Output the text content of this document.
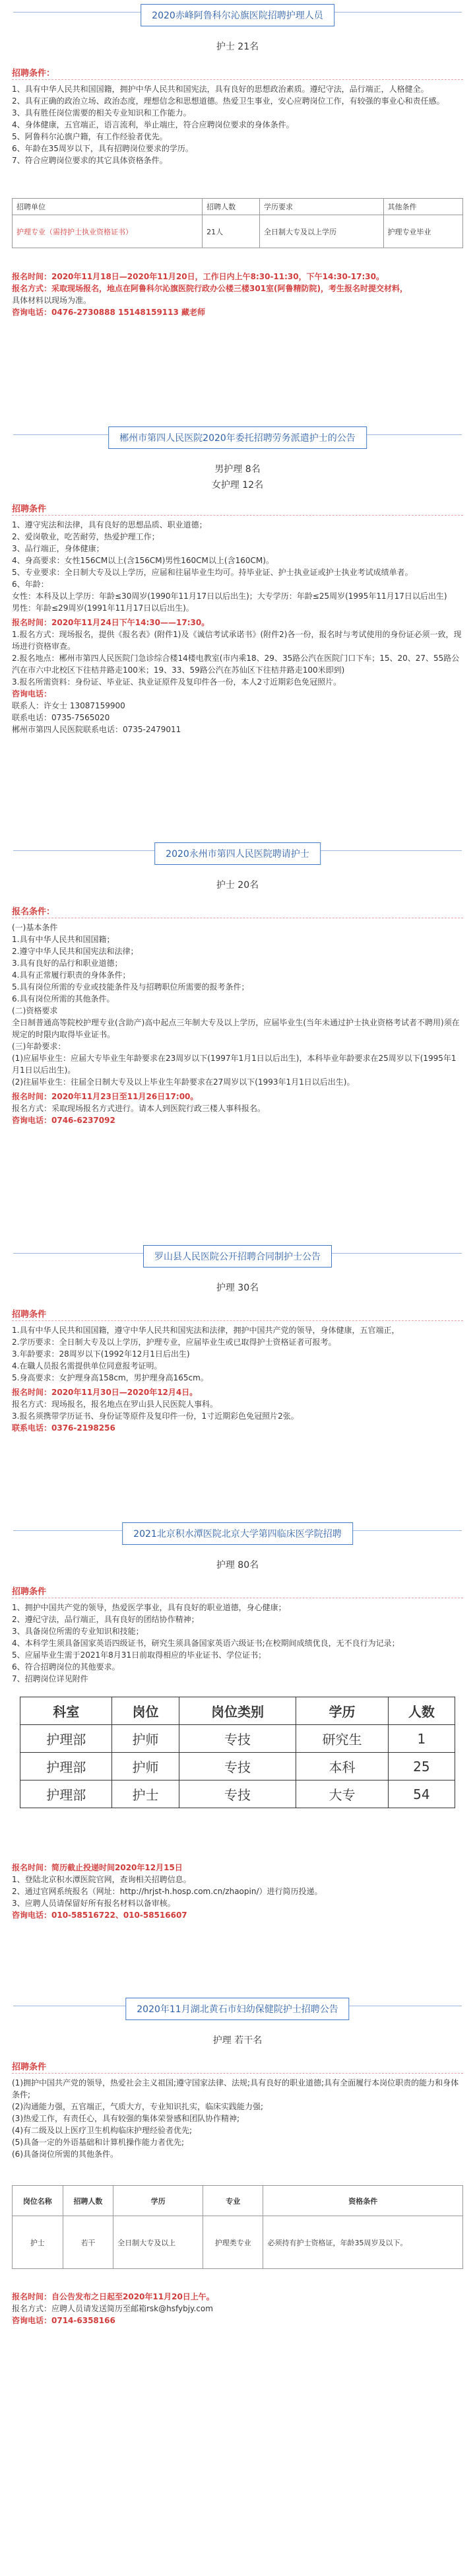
2020赤峰阿鲁科尔沁旗医院招聘护理人员
护士 21名
招聘条件：
1、具有中华人民共和国国籍，拥护中华人民共和国宪法，具有良好的思想政治素质。遵纪守法，品行端正，人格健全。
2、具有正确的政治立场、政治态度，理想信念和思想道德。热爱卫生事业，安心应聘岗位工作，有较强的事业心和责任感。
3、具有胜任岗位需要的相关专业知识和工作能力。
4、身体健康，五官端正，语言流利，举止端庄，符合应聘岗位要求的身体条件。
5、阿鲁科尔沁旗户籍，有工作经验者优先。
6、年龄在35周岁以下，具有招聘岗位要求的学历。
7、符合应聘岗位要求的其它具体资格条件。
招聘单位	招聘人数	学历要求	其他条件
护理专业（需持护士执业资格证书）	21人	全日制大专及以上学历	护理专业毕业
报名时间：2020年11月18日—2020年11月20日，工作日内上午8:30-11:30，下午14:30-17:30。
报名方式：采取现场报名，地点在阿鲁科尔沁旗医院行政办公楼三楼301室(阿鲁精防院)，考生报名时提交材料，
具体材料以现场为准。
咨询电话：0476-2730888 15148159113 藏老师
郴州市第四人民医院2020年委托招聘劳务派遣护士的公告
男护理 8名
女护理 12名
招聘条件
1、遵守宪法和法律，具有良好的思想品质、职业道德；
2、爱岗敬业，吃苦耐劳，热爱护理工作；
3、品行端正，身体健康；
4、身高要求：女性156CM以上(含156CM)男性160CM以上(含160CM)。
5、专业要求：全日制大专及以上学历，应届和往届毕业生均可。持毕业证、护士执业证或护士执业考试成绩单者。
6、年龄：
女性：本科及以上学历：年龄≤30周岁(1990年11月17日以后出生)；大专学历：年龄≤25周岁(1995年11月17日以后出生)
男性：年龄≤29周岁(1991年11月17日以后出生)。
报名时间：2020年11月24日下午14:30——17:30。
1.报名方式：现场报名，提供《报名表》(附件1)及《诚信考试承诺书》(附件2)各一份，报名时与考试使用的身份证必须一致，现场进行资格审查。
2.报名地点：郴州市第四人民医院门急诊综合楼14楼电教室(市内乘18、29、35路公汽在医院门口下车；15、20、27、55路公汽在市六中北校区下往桔井路走100米；19、33、59路公汽在苏仙区下往桔井路走100米即到)
3.报名所需资料：身份证、毕业证、执业证原件及复印件各一份，本人2寸近期彩色免冠照片。
咨询电话：
联系人：许女士 13087159900
联系电话：0735-7565020
郴州市第四人民医院联系电话：0735-2479011
2020永州市第四人民医院聘请护士
护士 20名
报名条件：
(一)基本条件
1.具有中华人民共和国国籍；
2.遵守中华人民共和国宪法和法律；
3.具有良好的品行和职业道德；
4.具有正常履行职责的身体条件；
5.具有岗位所需的专业或技能条件及与招聘职位所需要的报考条件；
6.具有岗位所需的其他条件。
(二)资格要求
全日制普通高等院校护理专业(含助产)高中起点三年制大专及以上学历，应届毕业生(当年未通过护士执业资格考试者不聘用)须在规定的时限内取得毕业证书。
(三)年龄要求：
(1)应届毕业生：应届大专毕业生年龄要求在23周岁以下(1997年1月1日以后出生)，本科毕业年龄要求在25周岁以下(1995年1月1日以后出生)。
(2)往届毕业生：往届全日制大专及以上毕业生年龄要求在27周岁以下(1993年1月1日以后出生)。
报名时间：2020年11月23日至11月26日17:00。
报名方式：采取现场报名方式进行。请本人到医院行政三楼人事科报名。
咨询电话：0746-6237092
罗山县人民医院公开招聘合同制护士公告
护理 30名
招聘条件
1.具有中华人民共和国国籍，遵守中华人民共和国宪法和法律，拥护中国共产党的领导，身体健康，五官端正，
2.学历要求：全日制大专及以上学历，护理专业，应届毕业生或已取得护士资格证者可报考。
3.年龄要求：28周岁以下(1992年12月1日后出生)
4.在職人员报名需提供单位同意报考证明。
5.身高要求：女护理身高158cm，男护理身高165cm。
报名时间：2020年11月30日—2020年12月4日。
报名方式：现场报名，报名地点在罗山县人民医院人事科。
3.报名须携带学历证书、身份证等原件及复印件一份，1寸近期彩色免冠照片2张。
联系电话：0376-2198256
2021北京积水潭医院北京大学第四临床医学院招聘
护理 80名
招聘条件
1、拥护中国共产党的领导，热爱医学事业，具有良好的职业道德，身心健康；
2、遵纪守法，品行端正，具有良好的团结协作精神；
3、具备岗位所需的专业知识和技能；
4、本科学生须具备国家英语四级证书，研究生须具备国家英语六级证书;在校期间成绩优良，无不良行为记录；
5、应届毕业生需于2021年8月31日前取得相应的毕业证书、学位证书；
6、符合招聘岗位的其他要求。
7、招聘岗位详见附件
科室	岗位	岗位类别	学历	人数
护理部	护师	专技	研究生	1
护理部	护师	专技	本科	25
护理部	护士	专技	大专	54
报名时间：简历截止投递时间2020年12月15日
1、登陆北京积水潭医院官网，查询相关招聘信息。
2、通过官网系统报名（网址：http://hrjst-h.hosp.com.cn/zhaopin/）进行简历投递。
3、应聘人员请保留好所有报名材料以备审核。
咨询电话：010-58516722、010-58516607
2020年11月湖北黄石市妇幼保健院护士招聘公告
护理 若干名
招聘条件
(1)拥护中国共产党的领导，热爱社会主义祖国;遵守国家法律、法规;具有良好的职业道德;具有全面履行本岗位职责的能力和身体条件;
(2)沟通能力强，五官端正，气质大方，专业知识扎实，临床实践能力强;
(3)热爱工作，有责任心，具有较强的集体荣誉感和团队协作精神;
(4)有二级及以上医疗卫生机构临床护理经验者优先;
(5)具备一定的外语基础和计算机操作能力者优先;
(6)具备岗位所需的其他条件。
岗位名称	招聘人数	学历	专业	资格条件
护士	若干	全日制大专及以上	护理类专业	必须持有护士资格证，年龄35周岁及以下。
报名时间：自公告发布之日起至2020年11月20日上午。
报名方式：应聘人员请发送简历至邮箱rsk@hsfybjy.com
咨询电话：0714-6358166
